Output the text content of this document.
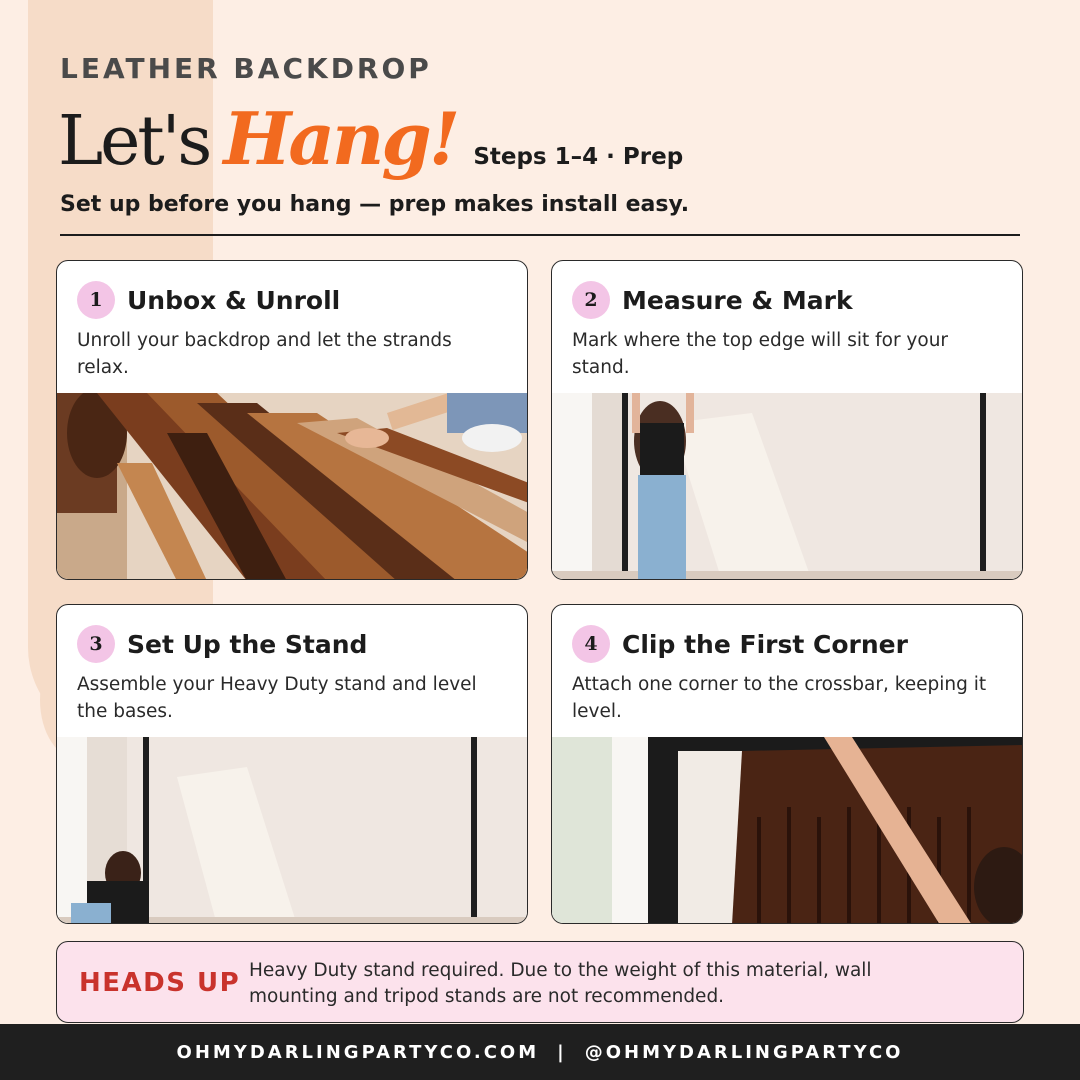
LEATHER BACKDROP
Let's Hang! Steps 1–4 · Prep
Set up before you hang — prep makes install easy.
1 Unbox & Unroll
Unroll your backdrop and let the strands relax.
2 Measure & Mark
Mark where the top edge will sit for your stand.
3 Set Up the Stand
Assemble your Heavy Duty stand and level the bases.
4 Clip the First Corner
Attach one corner to the crossbar, keeping it level.
HEADS UP Heavy Duty stand required. Due to the weight of this material, wall mounting and tripod stands are not recommended.
OHMYDARLINGPARTYCO.COM | @OHMYDARLINGPARTYCO
